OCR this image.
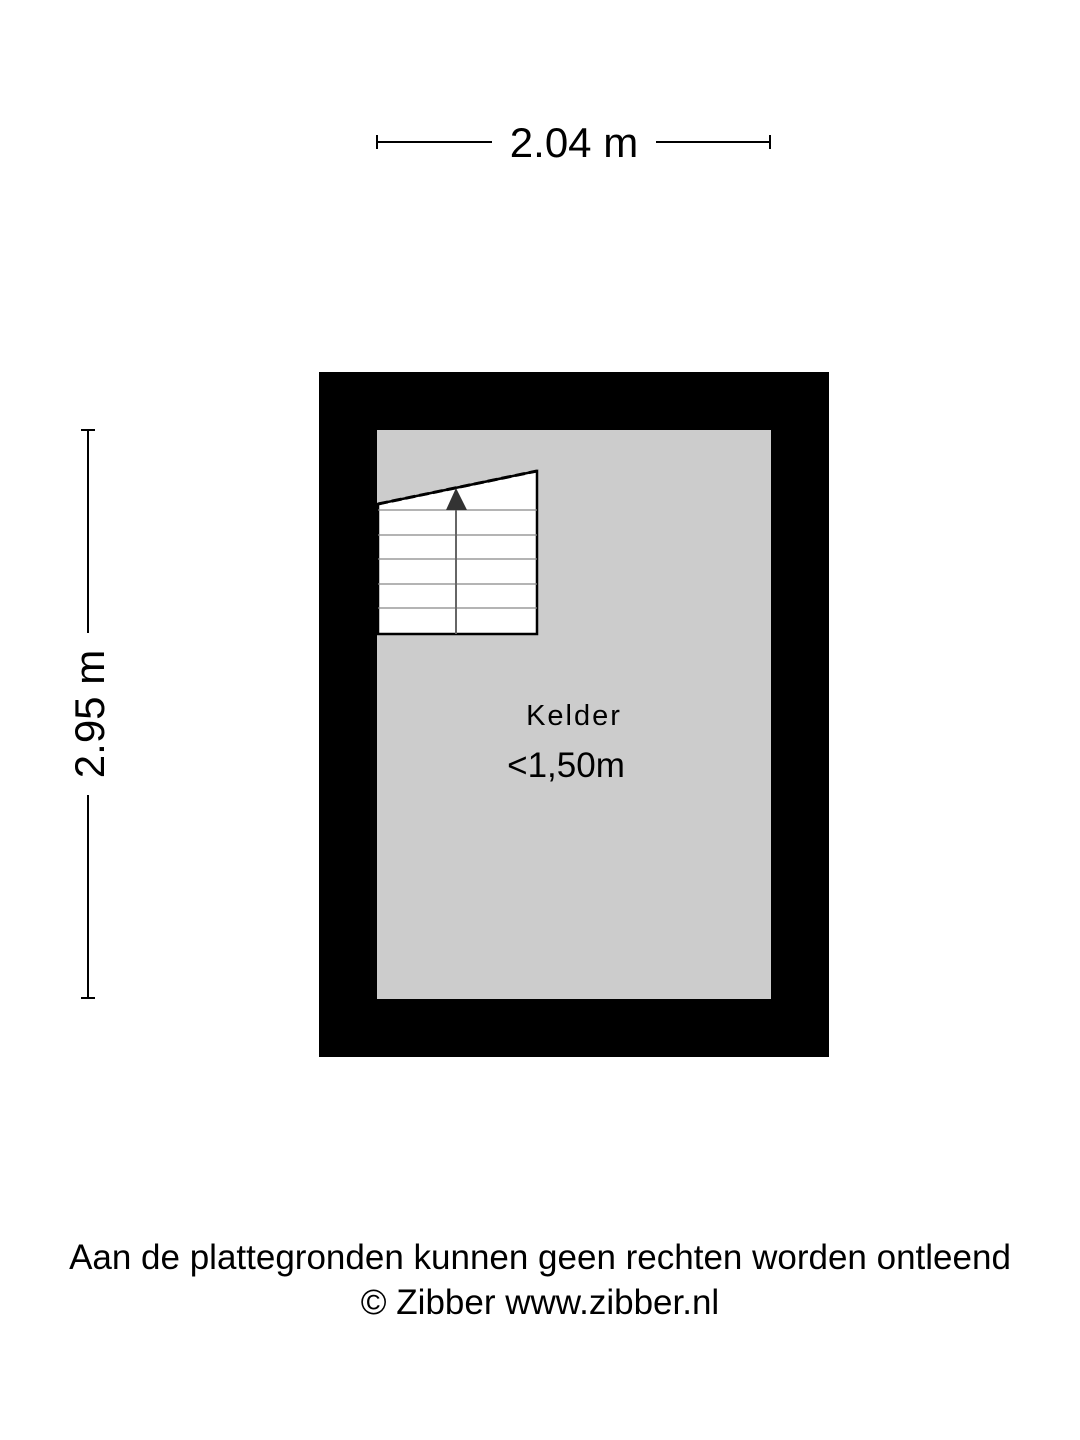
2.04 m
2.95 m	Kelder
<1,50m
Aan de plattegronden kunnen geen rechten worden ontleend
© Zibber www.zibber.nl
